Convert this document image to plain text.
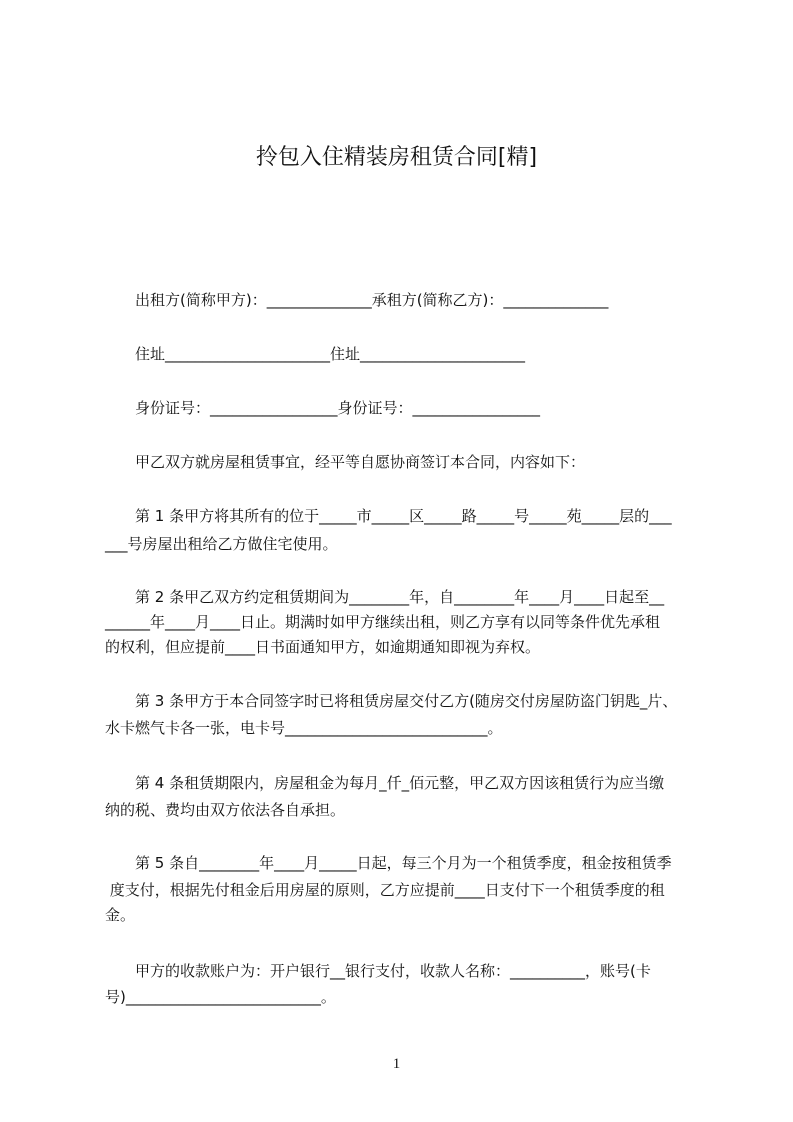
拎包入住精装房租赁合同[精]
　　出租方(简称甲方)：______________承租方(简称乙方)：______________
　　住址______________________住址______________________
　　身份证号：_________________身份证号：_________________
　　甲乙双方就房屋租赁事宜，经平等自愿协商签订本合同，内容如下：
　　第 1 条甲方将其所有的位于_____市_____区_____路_____号_____苑_____层的___
___号房屋出租给乙方做住宅使用。
　　第 2 条甲乙双方约定租赁期间为________年，自________年____月____日起至__
______年____月____日止。期满时如甲方继续出租，则乙方享有以同等条件优先承租
的权利，但应提前____日书面通知甲方，如逾期通知即视为弃权。
　　第 3 条甲方于本合同签字时已将租赁房屋交付乙方(随房交付房屋防盗门钥匙_片、
水卡燃气卡各一张，电卡号___________________________。
　　第 4 条租赁期限内，房屋租金为每月_仟_佰元整，甲乙双方因该租赁行为应当缴
纳的税、费均由双方依法各自承担。
　　第 5 条自________年____月_____日起，每三个月为一个租赁季度，租金按租赁季
度支付，根据先付租金后用房屋的原则，乙方应提前____日支付下一个租赁季度的租
金。
　　甲方的收款账户为：开户银行__银行支付，收款人名称：__________，账号(卡
号)__________________________。
1
